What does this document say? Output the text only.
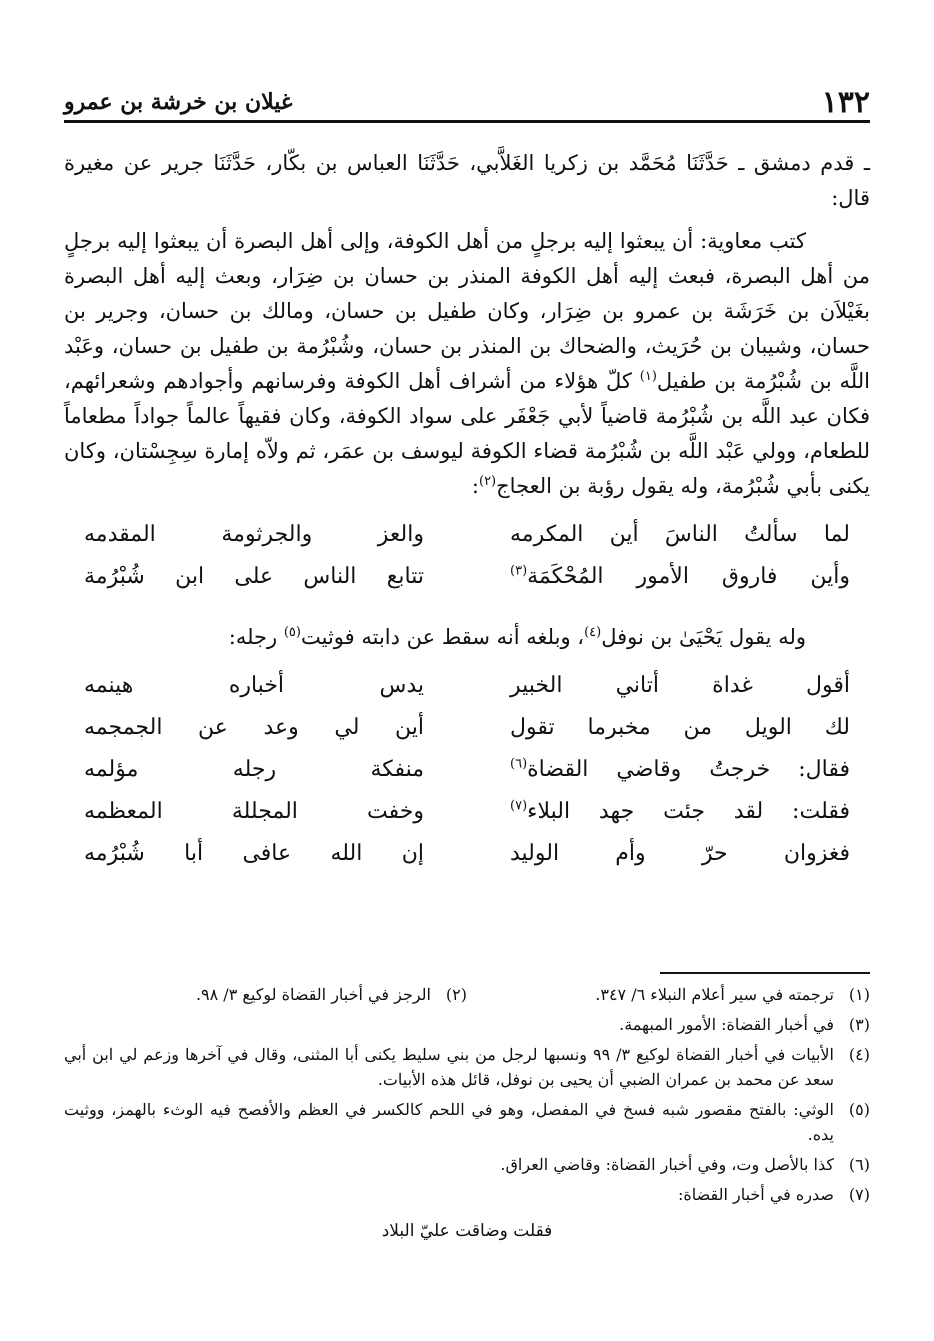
١٣٢
غيلان بن خرشة بن عمرو

ـ قدم دمشق ـ حَدَّثَنَا مُحَمَّد بن زكريا الغَلاَّبي، حَدَّثَنَا العباس بن بكّار، حَدَّثَنَا جرير عن مغيرة قال:

كتب معاوية: أن يبعثوا إليه برجلٍ من أهل الكوفة، وإلى أهل البصرة أن يبعثوا إليه برجلٍ من أهل البصرة، فبعث إليه أهل الكوفة المنذر بن حسان بن ضِرَار، وبعث إليه أهل البصرة بغَيْلاَن بن خَرَشَة بن عمرو بن ضِرَار، وكان طفيل بن حسان، ومالك بن حسان، وجرير بن حسان، وشيبان بن حُرَيث، والضحاك بن المنذر بن حسان، وشُبْرُمة بن طفيل بن حسان، وعَبْد اللَّه بن شُبْرُمة بن طفيل$^{(١)}$ كلّ هؤلاء من أشراف أهل الكوفة وفرسانهم وأجوادهم وشعرائهم، فكان عبد اللَّه بن شُبْرُمة قاضياً لأبي جَعْفَر على سواد الكوفة، وكان فقيهاً عالماً جواداً مطعاماً للطعام، وولي عَبْد اللَّه بن شُبْرُمة قضاء الكوفة ليوسف بن عمَر، ثم ولاّه إمارة سِجِسْتان، وكان يكنى بأبي شُبْرُمة، وله يقول رؤبة بن العجاج$^{(٢)}$:

لما سألتُ الناسَ أين المكرمه
والعز والجرثومة المقدمه
وأين فاروق الأمور المُحْكَمَة$^{(٣)}$
تتابع الناس على ابن شُبْرُمة

وله يقول يَحْيَىٰ بن نوفل$^{(٤)}$، وبلغه أنه سقط عن دابته فوثيت$^{(٥)}$ رجله:

أقول غداة أتاني الخبير
يدس أخباره هينمه
لك الويل من مخبرما تقول
أين لي وعد عن الجمجمه
فقال: خرجتُ وقاضي القضاة$^{(٦)}$
منفكة رجله مؤلمه
فقلت: لقد جئت جهد البلاء$^{(٧)}$
وخفت المجللة المعظمه
فغزوان حرّ وأم الوليد
إن الله عافى أبا شُبْرُمه
(١)
ترجمته في سير أعلام النبلاء ٦/ ٣٤٧.
(٢)
الرجز في أخبار القضاة لوكيع ٣/ ٩٨.
(٣)
في أخبار القضاة: الأمور المبهمة.
(٤)
الأبيات في أخبار القضاة لوكيع ٣/ ٩٩ ونسبها لرجل من بني سليط يكنى أبا المثنى، وقال في آخرها وزعم لي ابن أبي سعد عن محمد بن عمران الضبي أن يحيى بن نوفل، قائل هذه الأبيات.
(٥)
الوثي: بالفتح مقصور شبه فسخ في المفصل، وهو في اللحم كالكسر في العظم والأفصح فيه الوثء بالهمز، ووثيت يده.
(٦)
كذا بالأصل وت، وفي أخبار القضاة: وقاضي العراق.
(٧)
صدره في أخبار القضاة:
فقلت وضاقت عليّ البلاد
